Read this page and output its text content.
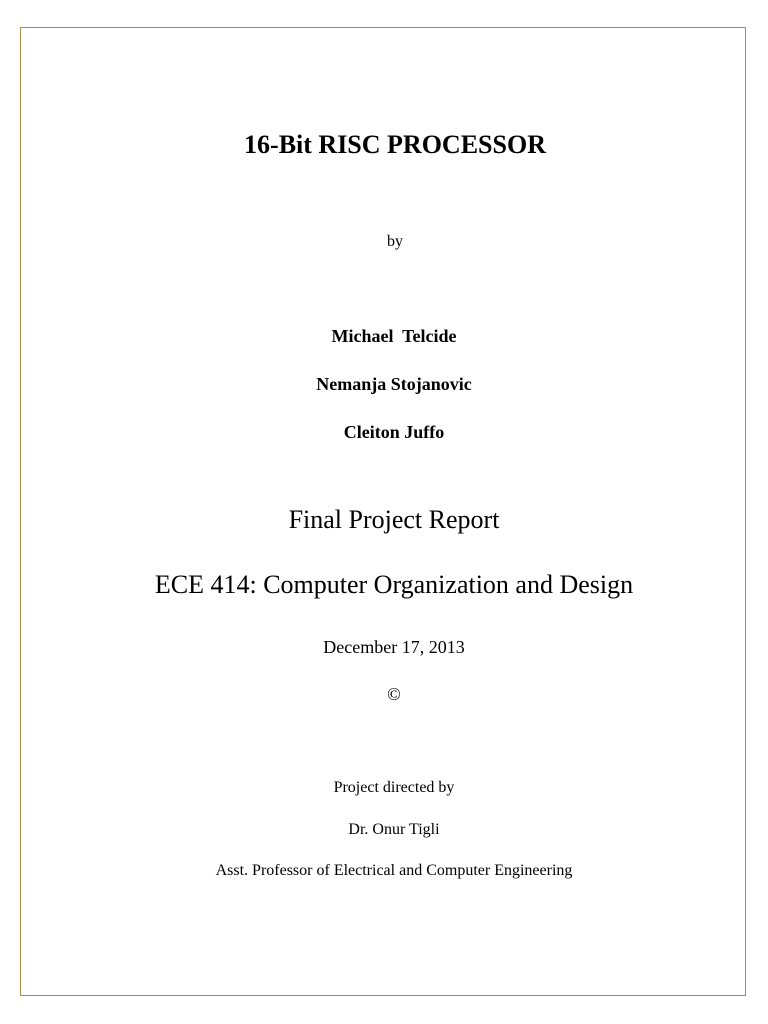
16-Bit RISC PROCESSOR

by

Michael  Telcide

Nemanja Stojanovic

Cleiton Juffo

Final Project Report

ECE 414: Computer Organization and Design

December 17, 2013

©

Project directed by

Dr. Onur Tigli

Asst. Professor of Electrical and Computer Engineering
